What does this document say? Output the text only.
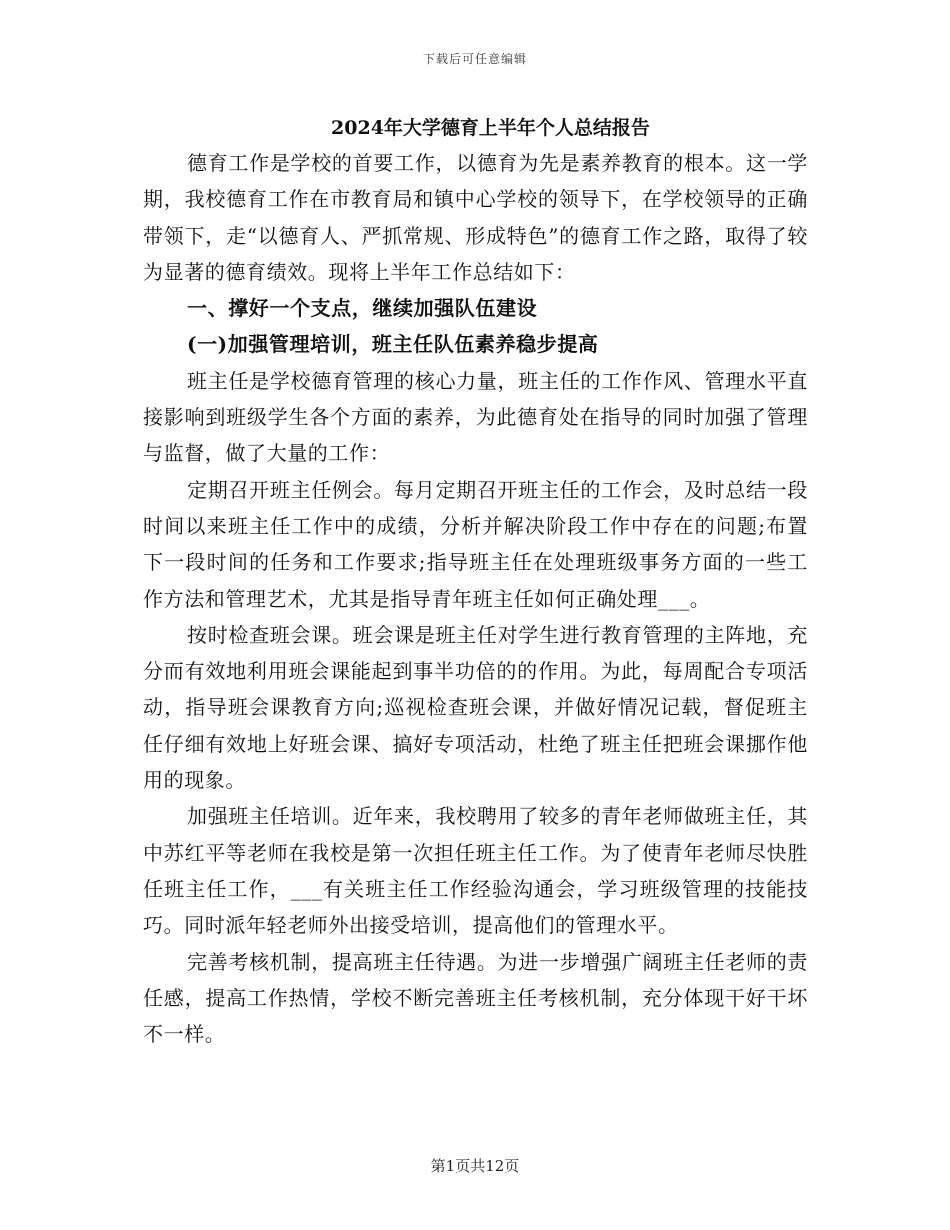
下载后可任意编辑
2024年大学德育上半年个人总结报告

德育工作是学校的首要工作，以德育为先是素养教育的根本。这一学期，我校德育工作在市教育局和镇中心学校的领导下，在学校领导的正确带领下，走“以德育人、严抓常规、形成特色”的德育工作之路，取得了较为显著的德育绩效。现将上半年工作总结如下：

一、撑好一个支点，继续加强队伍建设

(一)加强管理培训，班主任队伍素养稳步提高

班主任是学校德育管理的核心力量，班主任的工作作风、管理水平直接影响到班级学生各个方面的素养，为此德育处在指导的同时加强了管理与监督，做了大量的工作：

定期召开班主任例会。每月定期召开班主任的工作会，及时总结一段时间以来班主任工作中的成绩，分析并解决阶段工作中存在的问题;布置下一段时间的任务和工作要求;指导班主任在处理班级事务方面的一些工作方法和管理艺术，尤其是指导青年班主任如何正确处理___。

按时检查班会课。班会课是班主任对学生进行教育管理的主阵地，充分而有效地利用班会课能起到事半功倍的的作用。为此，每周配合专项活动，指导班会课教育方向;巡视检查班会课，并做好情况记载，督促班主任仔细有效地上好班会课、搞好专项活动，杜绝了班主任把班会课挪作他用的现象。

加强班主任培训。近年来，我校聘用了较多的青年老师做班主任，其中苏红平等老师在我校是第一次担任班主任工作。为了使青年老师尽快胜任班主任工作，___有关班主任工作经验沟通会，学习班级管理的技能技巧。同时派年轻老师外出接受培训，提高他们的管理水平。

完善考核机制，提高班主任待遇。为进一步增强广阔班主任老师的责任感，提高工作热情，学校不断完善班主任考核机制，充分体现干好干坏不一样。

第1页共12页
